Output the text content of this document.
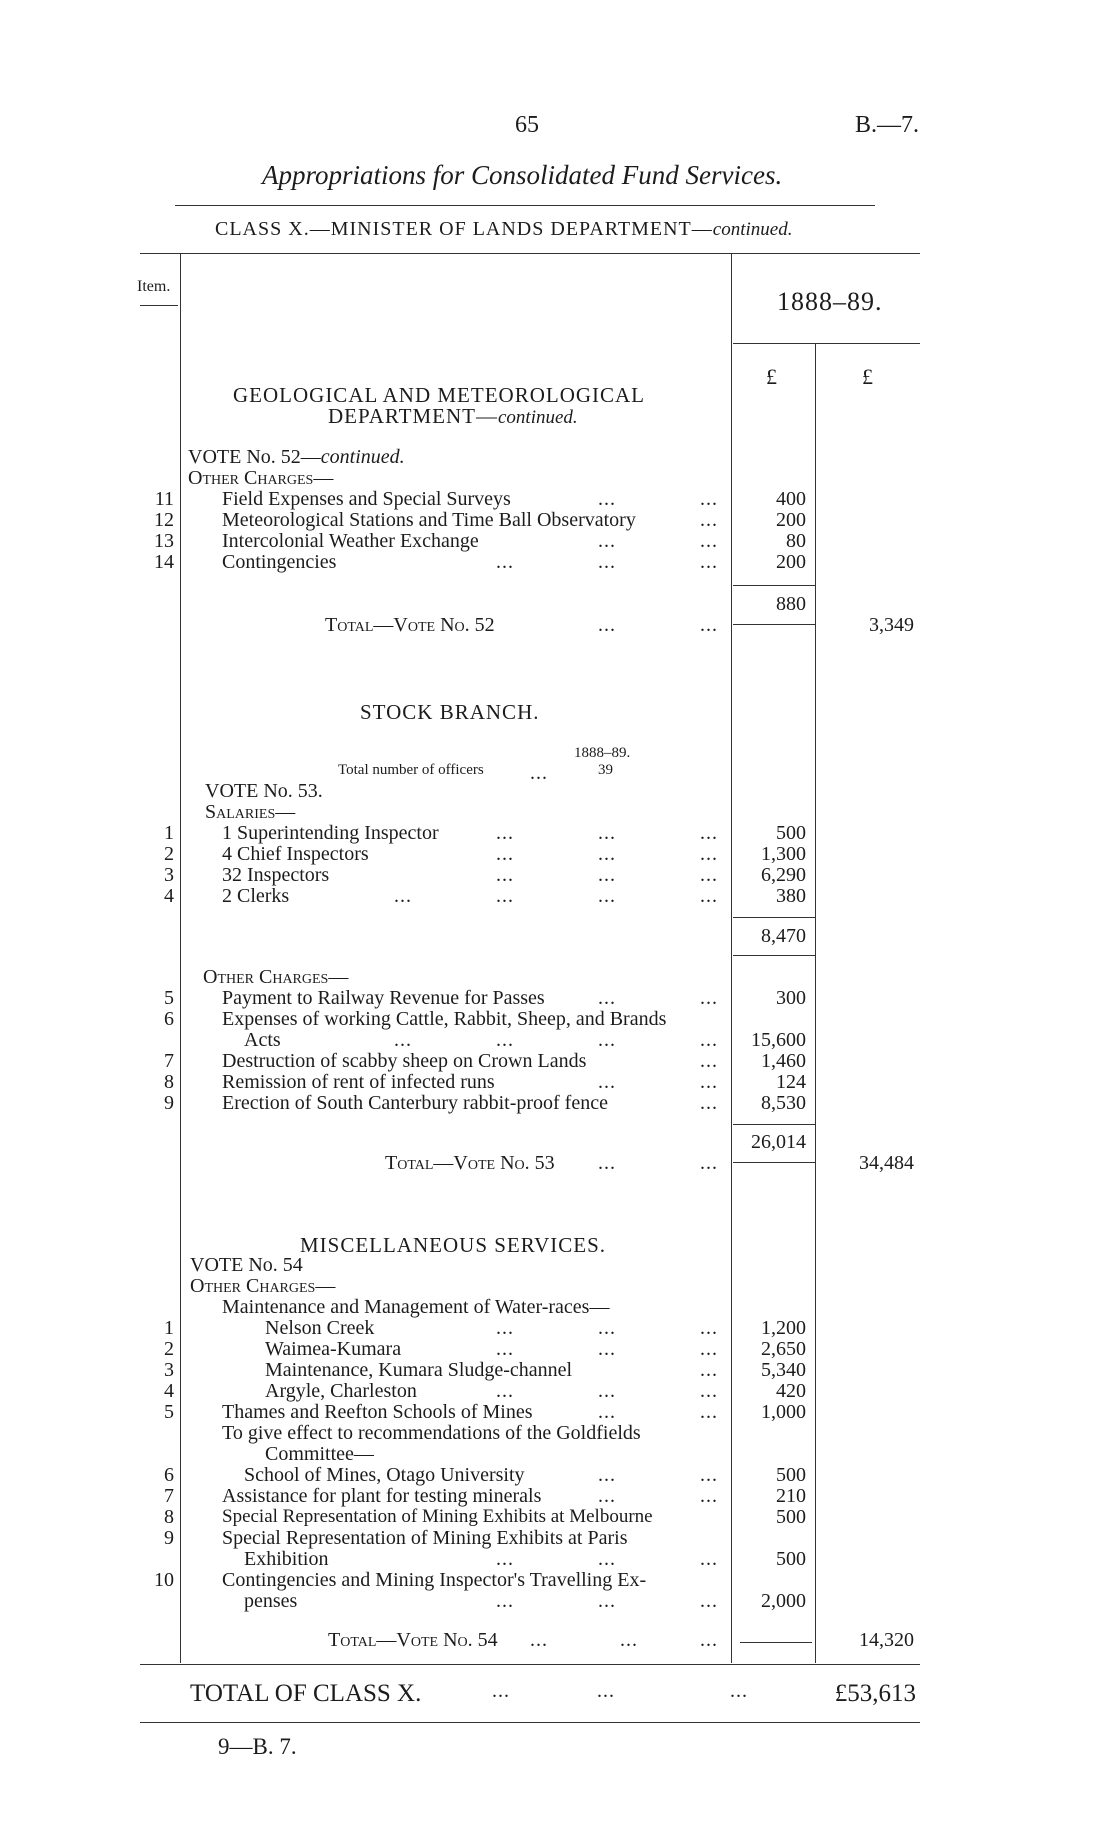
65	B.—7.
Appropriations for Consolidated Fund Services.
CLASS X.—MINISTER OF LANDS DEPARTMENT—continued.
Item.
1888–89.
£	£
GEOLOGICAL AND METEOROLOGICAL
DEPARTMENT—continued.
VOTE No. 52—continued.
Other Charges—
11 Field Expenses and Special Surveys	...	...	400
12 Meteorological Stations and Time Ball Observatory	...	200
13 Intercolonial Weather Exchange	...	...	80
14 Contingencies	...	...	...	200
880
Total—Vote No. 52	...	...	3,349
STOCK BRANCH.
1888–89.
Total number of officers ...	39
VOTE No. 53.
Salaries—
1 1 Superintending Inspector	...	...	...	500
2 4 Chief Inspectors	...	...	...	1,300
3 32 Inspectors	...	...	...	6,290
4 2 Clerks	...	...	...	...	380
8,470
Other Charges—
5 Payment to Railway Revenue for Passes	...	...	300
6 Expenses of working Cattle, Rabbit, Sheep, and Brands
Acts	...	...	...	...	15,600
7 Destruction of scabby sheep on Crown Lands	...	1,460
8 Remission of rent of infected runs	...	...	124
9 Erection of South Canterbury rabbit-proof fence	...	8,530
26,014
Total—Vote No. 53 ...	...	34,484
MISCELLANEOUS SERVICES.
VOTE No. 54
Other Charges—
Maintenance and Management of Water-races—
1	Nelson Creek	...	...	...	1,200
2	Waimea-Kumara	...	...	...	2,650
3	Maintenance, Kumara Sludge-channel	...	5,340
4	Argyle, Charleston	...	...	...	420
5 Thames and Reefton Schools of Mines	...	...	1,000
To give effect to recommendations of the Goldfields
Committee—
6	School of Mines, Otago University	...	...	500
7 Assistance for plant for testing minerals	...	...	210
8	Special Representation of Mining Exhibits at Melbourne	500
9 Special Representation of Mining Exhibits at Paris
Exhibition	...	...	...	500
10 Contingencies and Mining Inspector's Travelling Ex-
penses	...	...	...	2,000
Total—Vote No. 54 ...	...	...	14,320
TOTAL OF CLASS X.	...	...	...	£53,613
9—B. 7.
